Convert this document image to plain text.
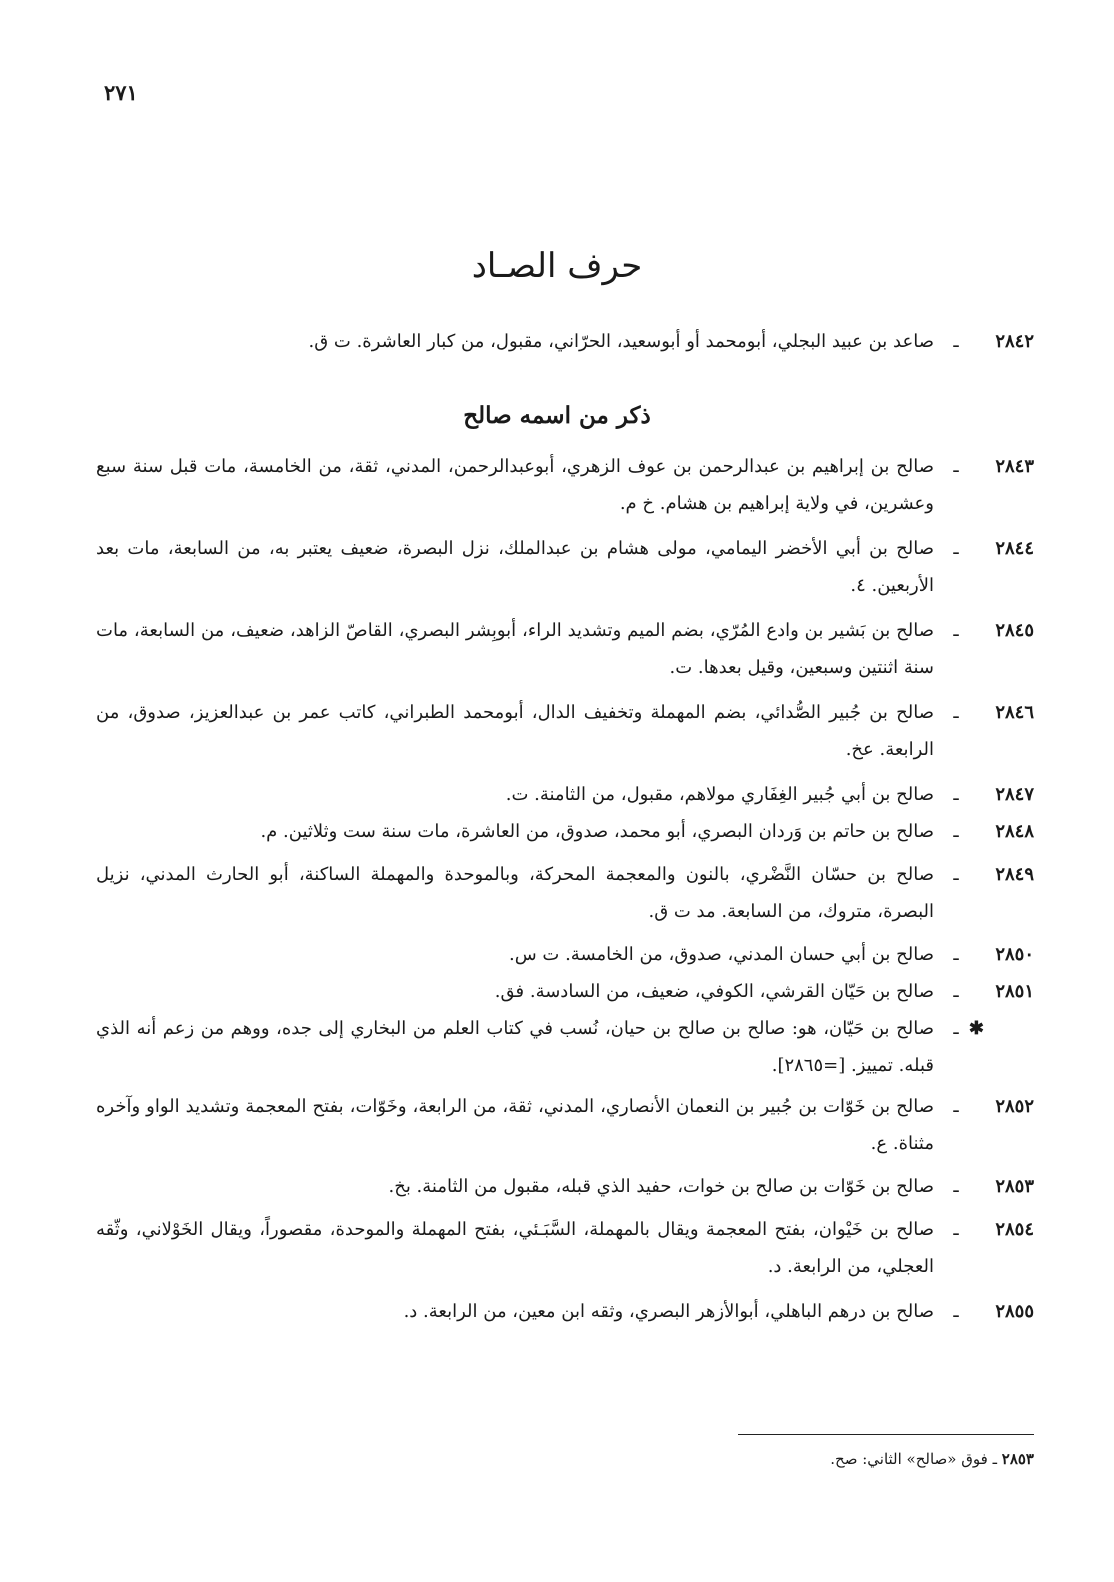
٢٧١
حرف الصـاد
٢٨٤٢
ـ
صاعد بن عبيد البجلي، أبومحمد أو أبوسعيد، الحرّاني، مقبول، من كبار العاشرة. ت ق.
ذكر من اسمه صالح
٢٨٤٣
ـ
صالح بن إبراهيم بن عبدالرحمن بن عوف الزهري، أبوعبدالرحمن، المدني، ثقة، من الخامسة، مات قبل سنة سبع وعشرين، في ولاية إبراهيم بن هشام. خ م.
٢٨٤٤
ـ
صالح بن أبي الأخضر اليمامي، مولى هشام بن عبدالملك، نزل البصرة، ضعيف يعتبر به، من السابعة، مات بعد الأربعين. ٤.
٢٨٤٥
ـ
صالح بن بَشير بن وادع المُرّي، بضم الميم وتشديد الراء، أبوبِشر البصري، القاصّ الزاهد، ضعيف، من السابعة، مات سنة اثنتين وسبعين، وقيل بعدها. ت.
٢٨٤٦
ـ
صالح بن جُبير الصُّدائي، بضم المهملة وتخفيف الدال، أبومحمد الطبراني، كاتب عمر بن عبدالعزيز، صدوق، من الرابعة. عخ.
٢٨٤٧
ـ
صالح بن أبي جُبير الغِفَاري مولاهم، مقبول، من الثامنة. ت.
٢٨٤٨
ـ
صالح بن حاتم بن وَردان البصري، أبو محمد، صدوق، من العاشرة، مات سنة ست وثلاثين. م.
٢٨٤٩
ـ
صالح بن حسّان النَّضْري، بالنون والمعجمة المحركة، وبالموحدة والمهملة الساكنة، أبو الحارث المدني، نزيل البصرة، متروك، من السابعة. مد ت ق.
٢٨٥٠
ـ
صالح بن أبي حسان المدني، صدوق، من الخامسة. ت س.
٢٨٥١
ـ
صالح بن حَيّان القرشي، الكوفي، ضعيف، من السادسة. فق.
✱
ـ
صالح بن حَيّان، هو: صالح بن صالح بن حيان، نُسب في كتاب العلم من البخاري إلى جده، ووهم من زعم أنه الذي قبله. تمييز. [=٢٨٦٥].
٢٨٥٢
ـ
صالح بن خَوّات بن جُبير بن النعمان الأنصاري، المدني، ثقة، من الرابعة، وخَوّات، بفتح المعجمة وتشديد الواو وآخره مثناة. ع.
٢٨٥٣
ـ
صالح بن خَوّات بن صالح بن خوات، حفيد الذي قبله، مقبول من الثامنة. بخ.
٢٨٥٤
ـ
صالح بن خَيْوان، بفتح المعجمة ويقال بالمهملة، السَّبَـئي، بفتح المهملة والموحدة، مقصوراً، ويقال الخَوْلاني، وثّقه العجلي، من الرابعة. د.
٢٨٥٥
ـ
صالح بن درهم الباهلي، أبوالأزهر البصري، وثقه ابن معين، من الرابعة. د.
٢٨٥٣ ـ فوق «صالح» الثاني: صح.
